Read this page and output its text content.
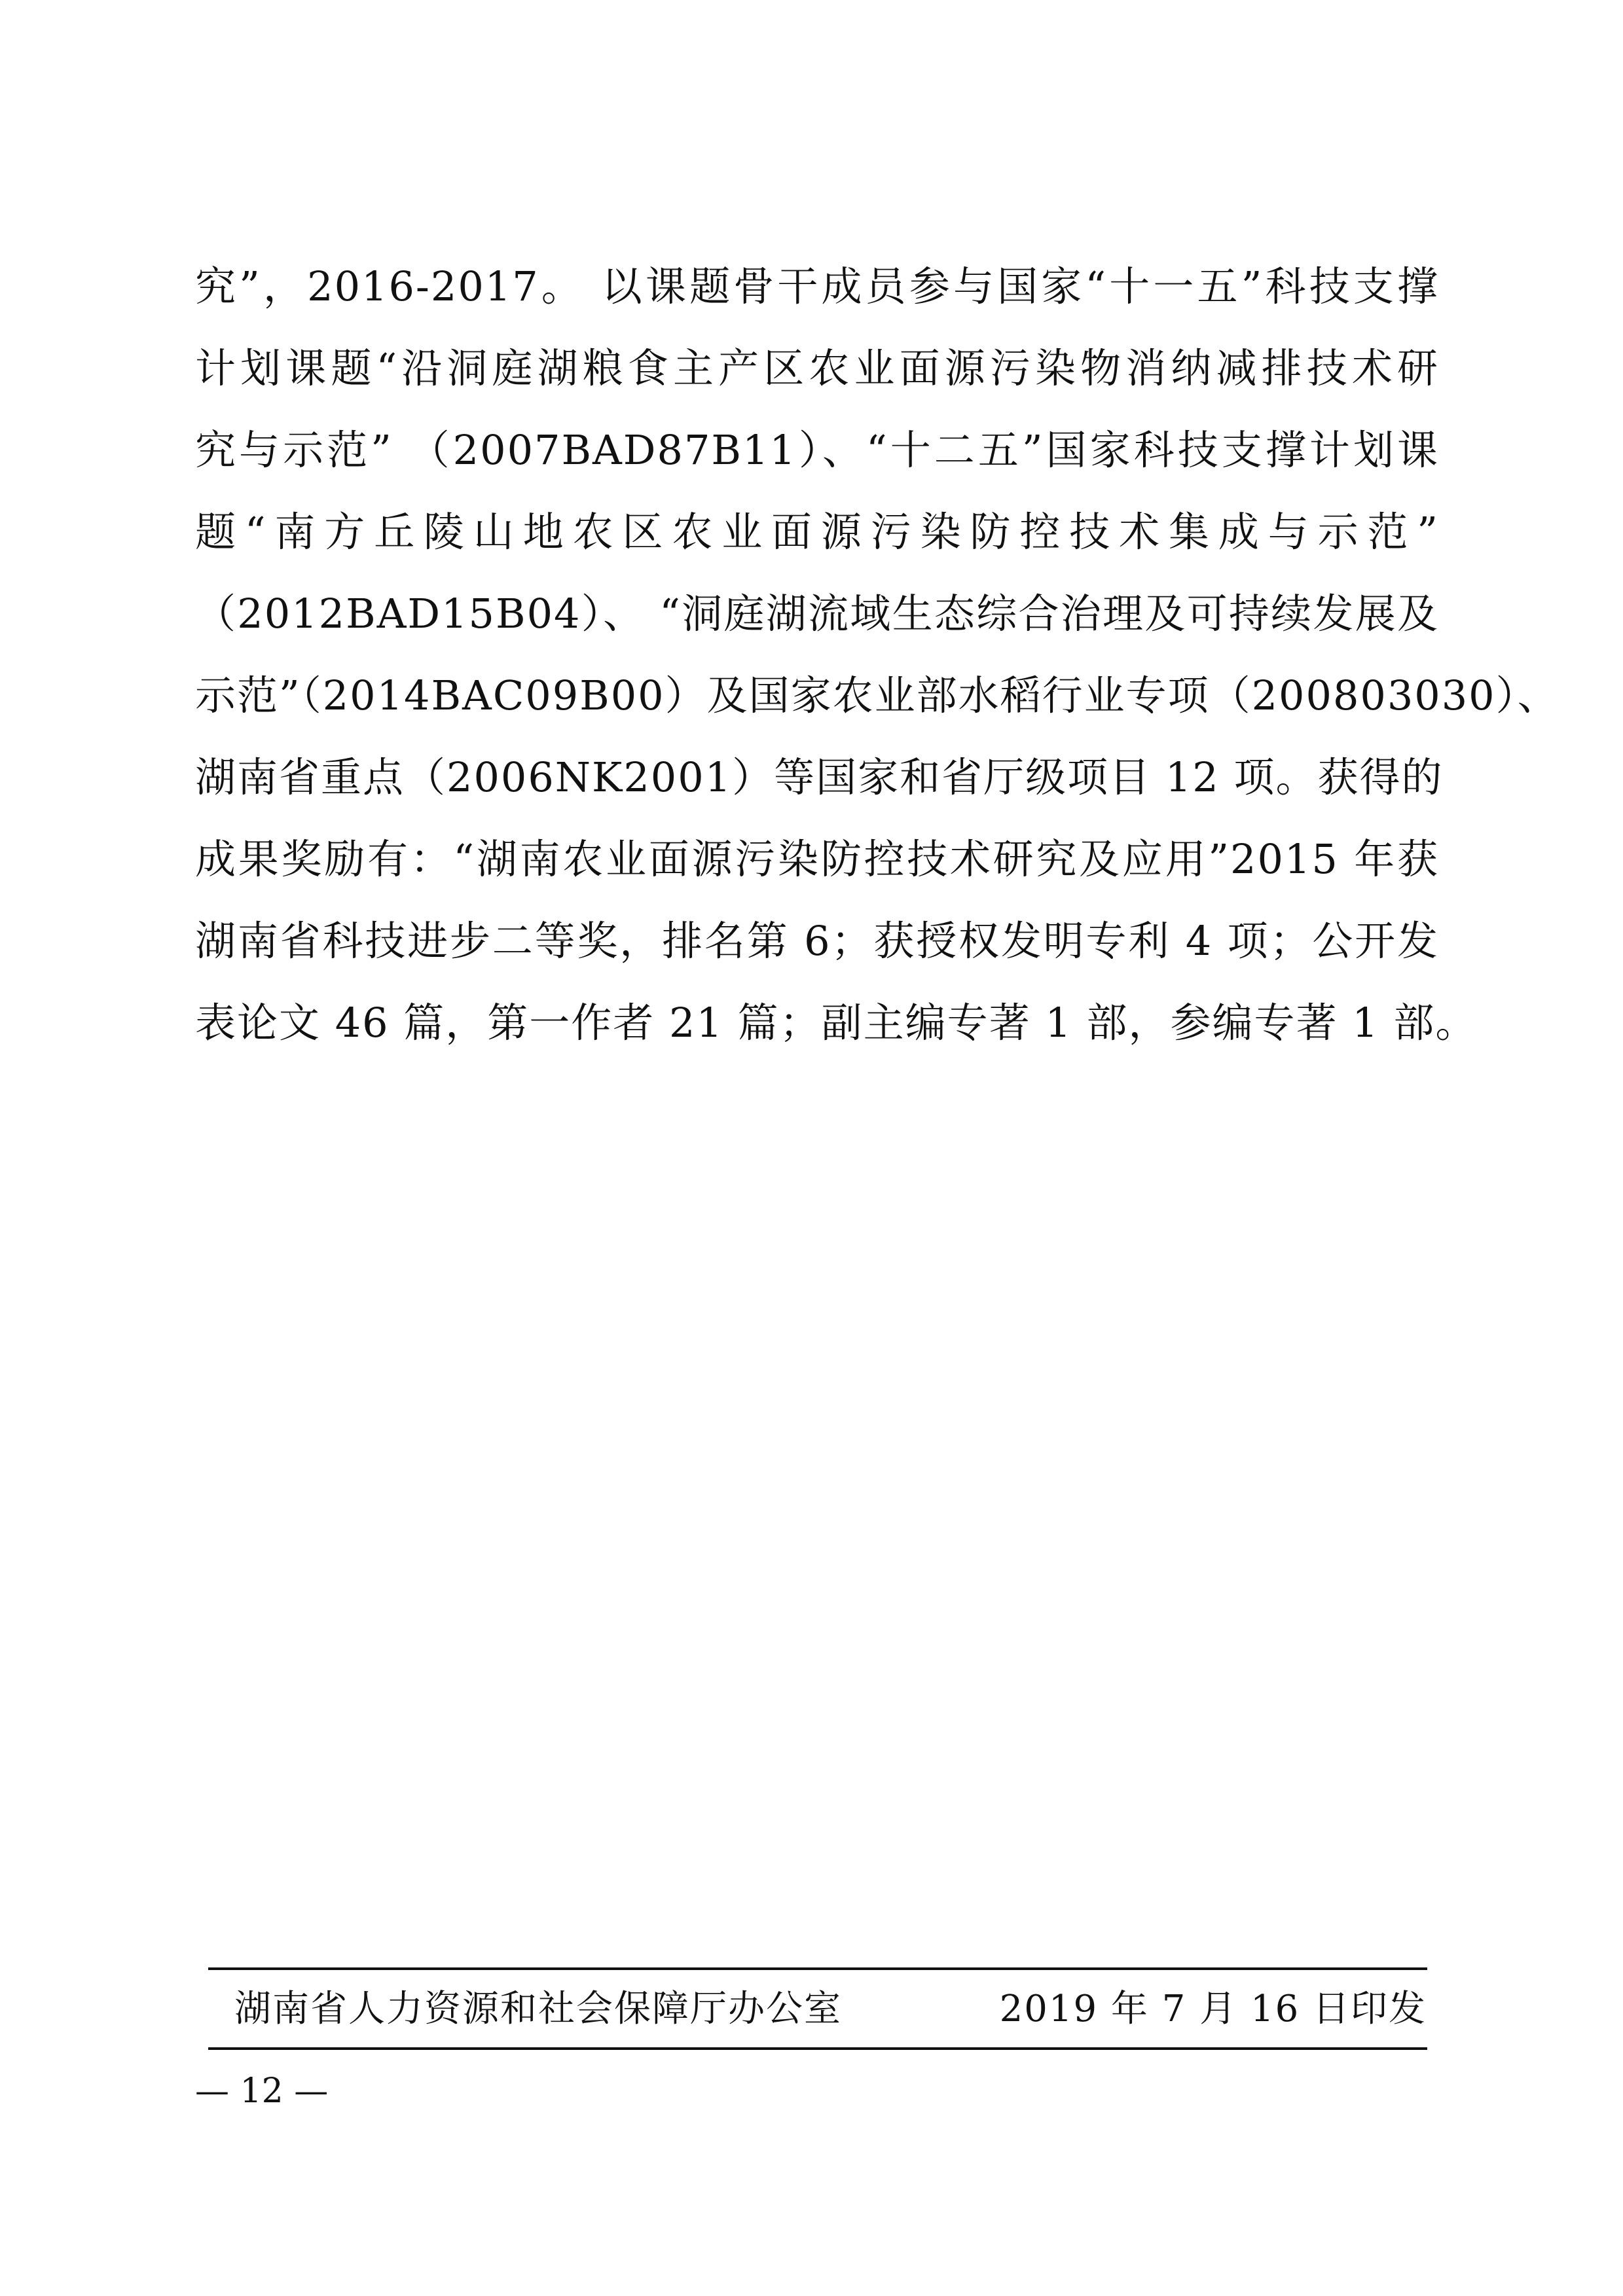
究”，2016-2017。 以课题骨干成员参与国家“十一五”科技支撑
计划课题“沿洞庭湖粮食主产区农业面源污染物消纳减排技术研
究与示范” （2007BAD87B11）、“十二五”国家科技支撑计划课
题“南方丘陵山地农区农业面源污染防控技术集成与示范”
（2012BAD15B04）、 “洞庭湖流域生态综合治理及可持续发展及
示范”（2014BAC09B00）及国家农业部水稻行业专项（200803030）、
湖南省重点（2006NK2001）等国家和省厅级项目 12 项。获得的
成果奖励有：“湖南农业面源污染防控技术研究及应用”2015 年获
湖南省科技进步二等奖，排名第 6；获授权发明专利 4 项；公开发
表论文 46 篇，第一作者 21 篇；副主编专著 1 部，参编专著 1 部。
湖南省人力资源和社会保障厅办公室	2019 年 7 月 16 日印发
— 12 —
